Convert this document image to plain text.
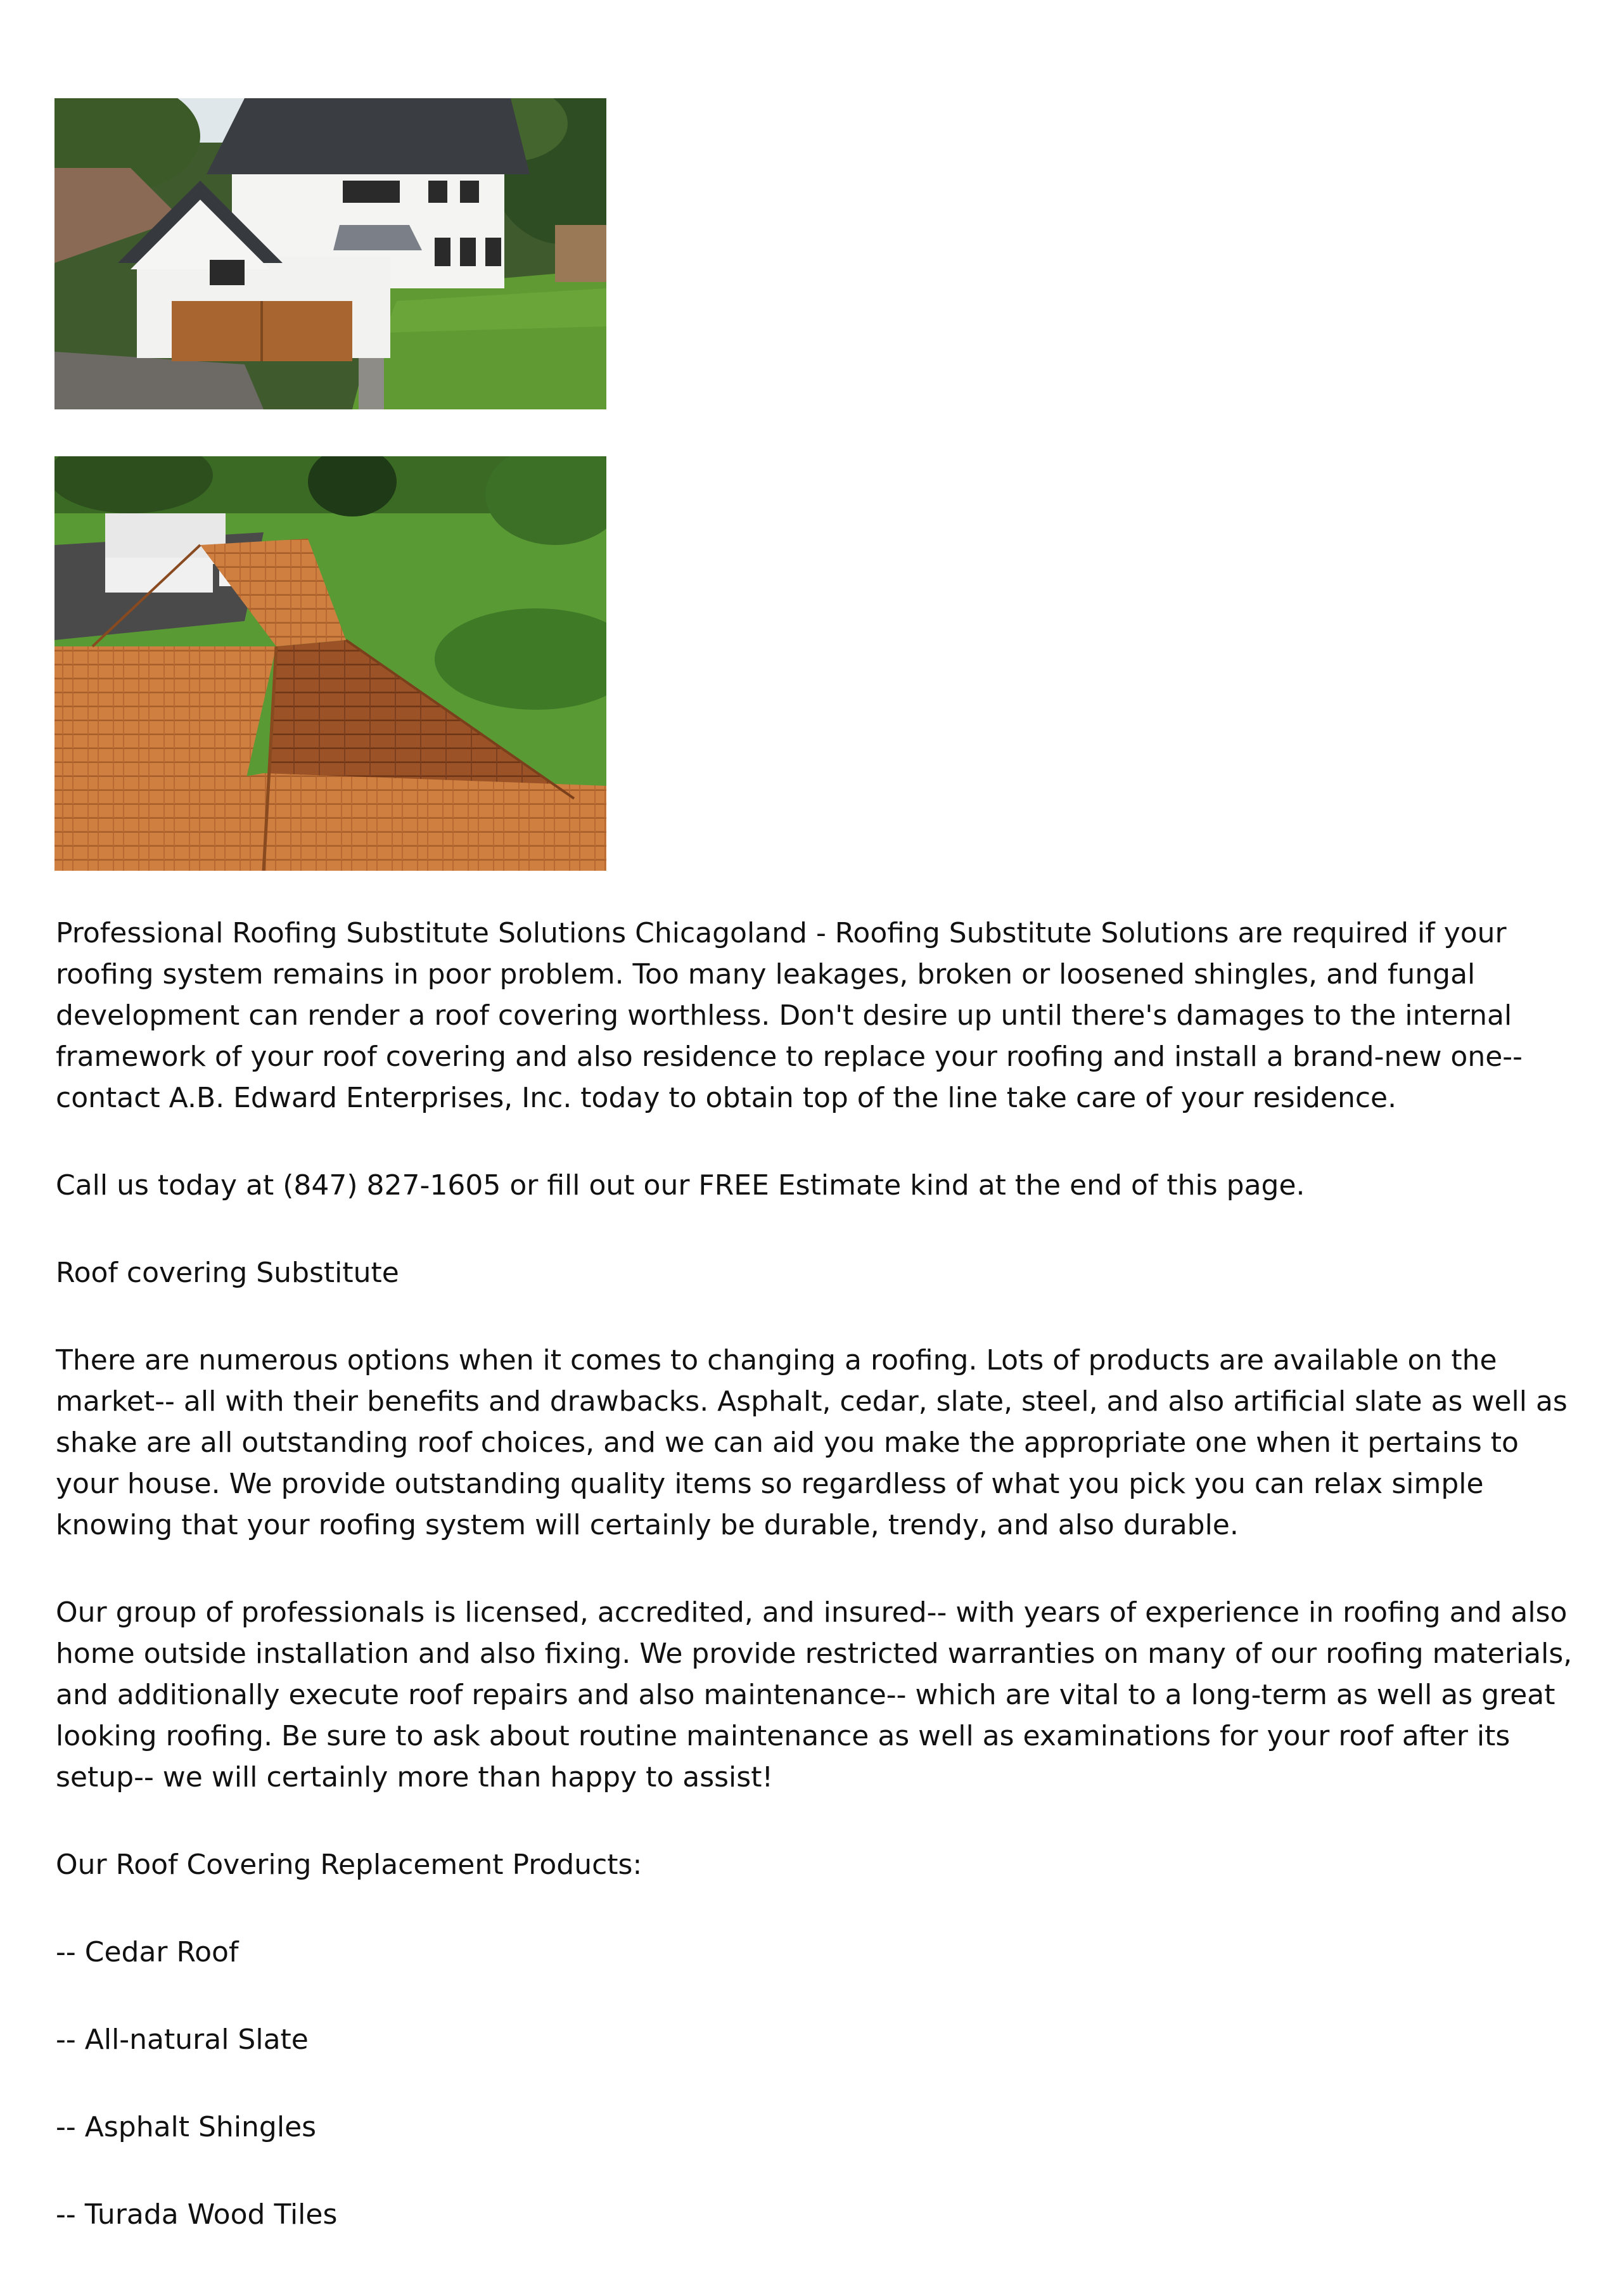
Professional Roofing Substitute Solutions Chicagoland - Roofing Substitute Solutions are required if your roofing system remains in poor problem. Too many leakages, broken or loosened shingles, and fungal development can render a roof covering worthless. Don't desire up until there's damages to the internal framework of your roof covering and also residence to replace your roofing and install a brand-new one-- contact A.B. Edward Enterprises, Inc. today to obtain top of the line take care of your residence.

Call us today at (847) 827-1605 or fill out our FREE Estimate kind at the end of this page.

Roof covering Substitute

There are numerous options when it comes to changing a roofing. Lots of products are available on the market-- all with their benefits and drawbacks. Asphalt, cedar, slate, steel, and also artificial slate as well as shake are all outstanding roof choices, and we can aid you make the appropriate one when it pertains to your house. We provide outstanding quality items so regardless of what you pick you can relax simple knowing that your roofing system will certainly be durable, trendy, and also durable.

Our group of professionals is licensed, accredited, and insured-- with years of experience in roofing and also home outside installation and also fixing. We provide restricted warranties on many of our roofing materials, and additionally execute roof repairs and also maintenance-- which are vital to a long-term as well as great looking roofing. Be sure to ask about routine maintenance as well as examinations for your roof after its setup-- we will certainly more than happy to assist!

Our Roof Covering Replacement Products:

-- Cedar Roof

-- All-natural Slate

-- Asphalt Shingles

-- Turada Wood Tiles
